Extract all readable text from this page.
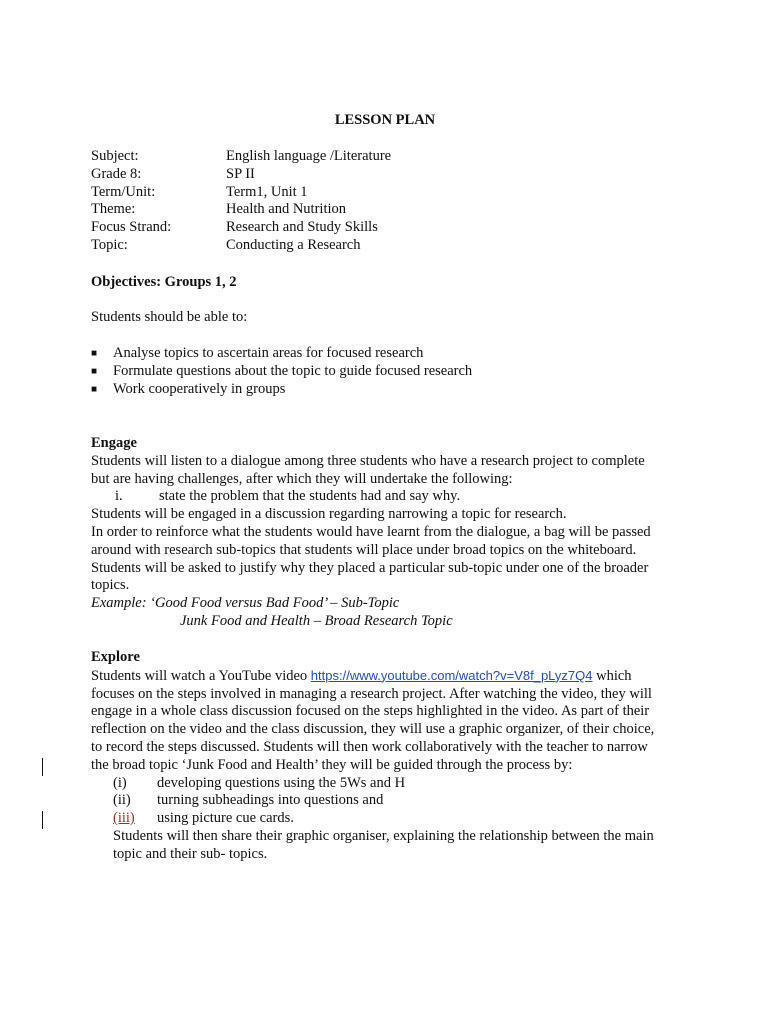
LESSON PLAN
Subject:	English language /Literature
Grade 8:	SP II
Term/Unit:	Term1, Unit 1
Theme:	Health and Nutrition
Focus Strand:	Research and Study Skills
Topic:	Conducting a Research
Objectives: Groups 1, 2
Students should be able to:
■	Analyse topics to ascertain areas for focused research
■	Formulate questions about the topic to guide focused research
■	Work cooperatively in groups
Engage
Students will listen to a dialogue among three students who have a research project to complete
but are having challenges, after which they will undertake the following:
i.	state the problem that the students had and say why.
Students will be engaged in a discussion regarding narrowing a topic for research.
In order to reinforce what the students would have learnt from the dialogue, a bag will be passed
around with research sub-topics that students will place under broad topics on the whiteboard.
Students will be asked to justify why they placed a particular sub-topic under one of the broader
topics.
Example: ‘Good Food versus Bad Food’ – Sub-Topic
Junk Food and Health – Broad Research Topic
Explore
Students will watch a YouTube video https://www.youtube.com/watch?v=V8f_pLyz7Q4 which
focuses on the steps involved in managing a research project. After watching the video, they will
engage in a whole class discussion focused on the steps highlighted in the video. As part of their
reflection on the video and the class discussion, they will use a graphic organizer, of their choice,
to record the steps discussed. Students will then work collaboratively with the teacher to narrow
the broad topic ‘Junk Food and Health’ they will be guided through the process by:
(i) developing questions using the 5Ws and H
(ii) turning subheadings into questions and
(iii) using picture cue cards.
Students will then share their graphic organiser, explaining the relationship between the main
topic and their sub- topics.
